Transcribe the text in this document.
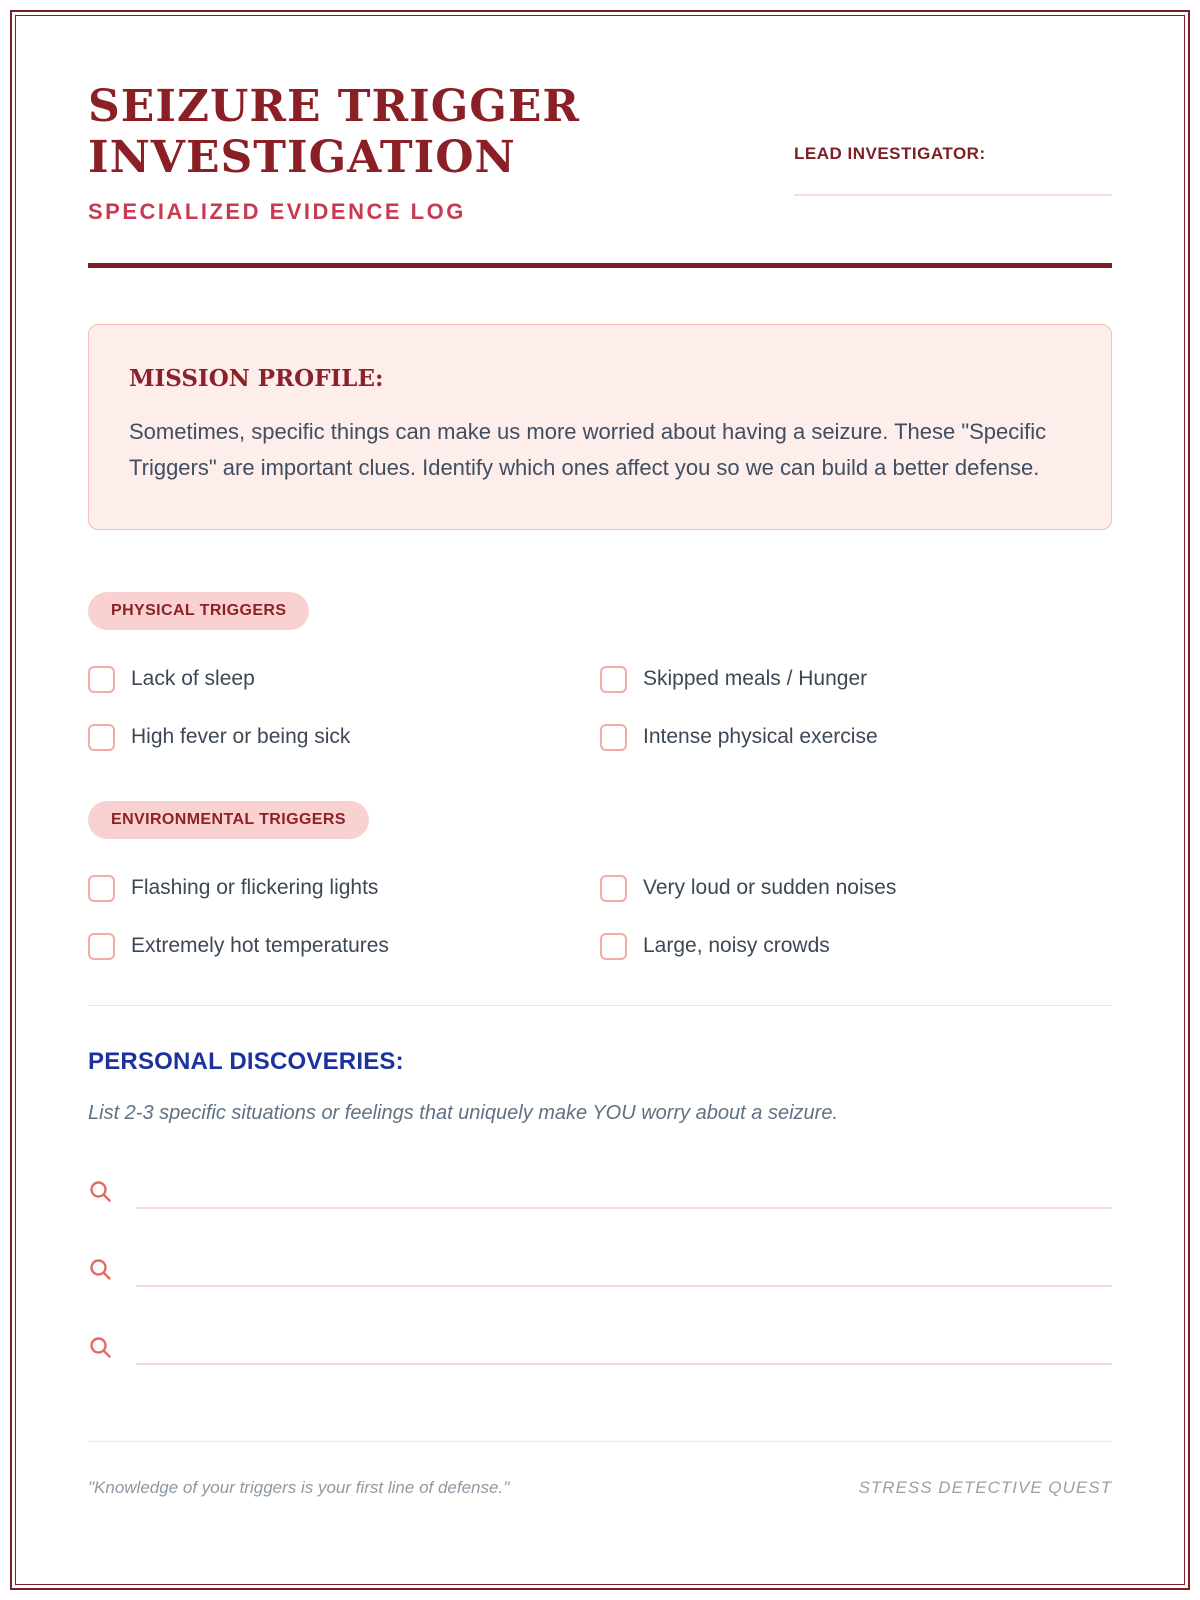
SEIZURE TRIGGER
INVESTIGATION
SPECIALIZED EVIDENCE LOG
LEAD INVESTIGATOR:
MISSION PROFILE:

Sometimes, specific things can make us more worried about having a seizure. These "Specific Triggers" are important clues. Identify which ones affect you so we can build a better defense.

PHYSICAL TRIGGERS
Lack of sleep	Skipped meals / Hunger
High fever or being sick	Intense physical exercise
ENVIRONMENTAL TRIGGERS
Flashing or flickering lights	Very loud or sudden noises
Extremely hot temperatures	Large, noisy crowds
PERSONAL DISCOVERIES:

List 2-3 specific situations or feelings that uniquely make YOU worry about a seizure.

"Knowledge of your triggers is your first line of defense."	STRESS DETECTIVE QUEST
